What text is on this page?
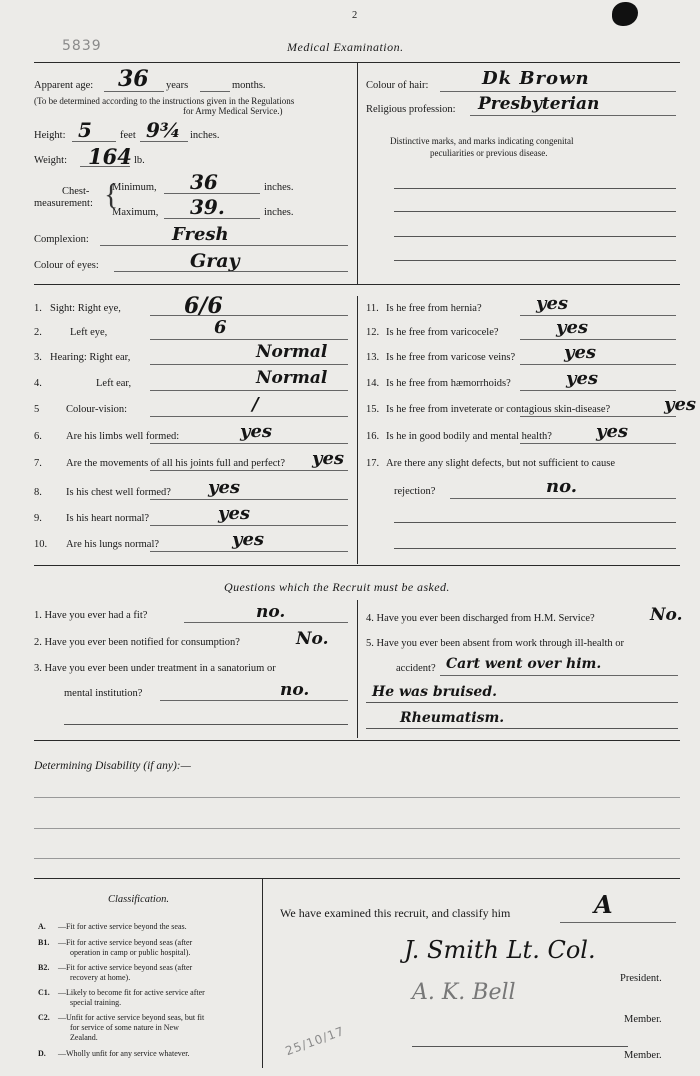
2
5839	Medical Examination.
Apparent age: 36 years	months.
(To be determined according to the instructions given in the Regulations
for Army Medical Service.)
Height: 5	feet 9¾ inches.
Weight: 164 lb.
Chest-
measurement: {
Minimum, 36	inches.
Maximum, 39.	inches.
Complexion:	Fresh
Colour of eyes:	Gray
Colour of hair:	Dk Brown
Religious profession: Presbyterian
Distinctive marks, and marks indicating congenital
peculiarities or previous disease.
1. Sight: Right eye,	6/6
2.	Left eye,	6
3. Hearing: Right ear,	Normal
4.	Left ear,	Normal
5	Colour-vision:	/
6. Are his limbs well formed:	yes
7. Are the movements of all his joints full and perfect? yes
8. Is his chest well formed? yes
9. Is his heart normal?	yes
10. Are his lungs normal?	yes
11. Is he free from hernia?	yes
12. Is he free from varicocele?	yes
13. Is he free from varicose veins?	yes
14. Is he free from hæmorrhoids?	yes
15. Is he free from inveterate or contagious skin-disease?	yes
16. Is he in good bodily and mental health? yes
17. Are there any slight defects, but not sufficient to cause
rejection?	no.
Questions which the Recruit must be asked.
1. Have you ever had a fit?	no.
2. Have you ever been notified for consumption?	No.
3. Have you ever been under treatment in a sanatorium or
mental institution?	no.
4. Have you ever been discharged from H.M. Service?	No.
5. Have you ever been absent from work through ill-health or
accident? Cart went over him.
He was bruised.
Rheumatism.
Determining Disability (if any):—
Classification.
A. —Fit for active service beyond the seas.
B1. —Fit for active service beyond seas (after
operation in camp or public hospital).
B2. —Fit for active service beyond seas (after
recovery at home).
C1. —Likely to become fit for active service after
special training.
C2. —Unfit for active service beyond seas, but fit
for service of some nature in New
Zealand.
D. —Wholly unfit for any service whatever.
We have examined this recruit, and classify him	A
J. Smith Lt. Col.
President.
A. K. Bell
Member.
25/10/17	Member.
